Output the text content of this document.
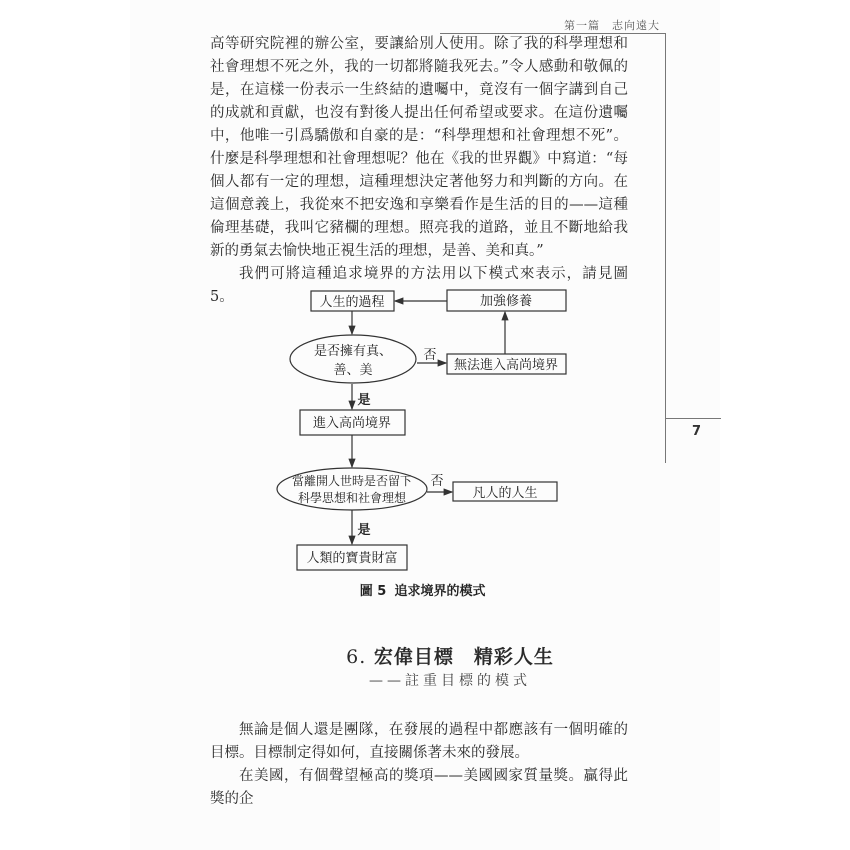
第一篇　志向遠大
7

高等研究院裡的辦公室，要讓給別人使用。除了我的科學理想和社會理想不死之外，我的一切都將隨我死去。”令人感動和敬佩的是，在這樣一份表示一生終結的遺囑中，竟沒有一個字講到自己的成就和貢獻，也沒有對後人提出任何希望或要求。在這份遺囑中，他唯一引爲驕傲和自豪的是：“科學理想和社會理想不死”。什麼是科學理想和社會理想呢？他在《我的世界觀》中寫道：“每個人都有一定的理想，這種理想決定著他努力和判斷的方向。在這個意義上，我從來不把安逸和享樂看作是生活的目的——這種倫理基礎，我叫它豬欄的理想。照亮我的道路，並且不斷地給我新的勇氣去愉快地正視生活的理想，是善、美和真。”

我們可將這種追求境界的方法用以下模式來表示，請見圖 5。	人生的過程	加強修養
是否擁有真、
善、美
否
無法進入高尚境界
是
進入高尚境界
當離開人世時是否留下
科學思想和社會理想
否
凡人的人生
是
人類的寶貴財富
圖 5 追求境界的模式
6. 宏偉目標　精彩人生
——註重目標的模式

無論是個人還是團隊，在發展的過程中都應該有一個明確的目標。目標制定得如何，直接關係著未來的發展。

在美國，有個聲望極高的獎項——美國國家質量獎。贏得此獎的企
